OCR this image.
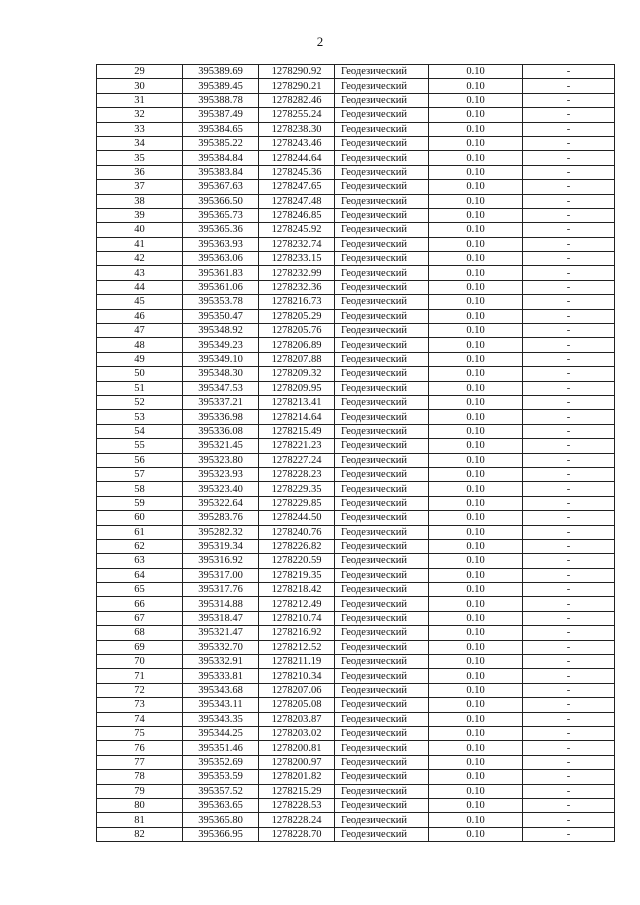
2
29	395389.69	1278290.92	Геодезический	0.10	-
30	395389.45	1278290.21	Геодезический	0.10	-
31	395388.78	1278282.46	Геодезический	0.10	-
32	395387.49	1278255.24	Геодезический	0.10	-
33	395384.65	1278238.30	Геодезический	0.10	-
34	395385.22	1278243.46	Геодезический	0.10	-
35	395384.84	1278244.64	Геодезический	0.10	-
36	395383.84	1278245.36	Геодезический	0.10	-
37	395367.63	1278247.65	Геодезический	0.10	-
38	395366.50	1278247.48	Геодезический	0.10	-
39	395365.73	1278246.85	Геодезический	0.10	-
40	395365.36	1278245.92	Геодезический	0.10	-
41	395363.93	1278232.74	Геодезический	0.10	-
42	395363.06	1278233.15	Геодезический	0.10	-
43	395361.83	1278232.99	Геодезический	0.10	-
44	395361.06	1278232.36	Геодезический	0.10	-
45	395353.78	1278216.73	Геодезический	0.10	-
46	395350.47	1278205.29	Геодезический	0.10	-
47	395348.92	1278205.76	Геодезический	0.10	-
48	395349.23	1278206.89	Геодезический	0.10	-
49	395349.10	1278207.88	Геодезический	0.10	-
50	395348.30	1278209.32	Геодезический	0.10	-
51	395347.53	1278209.95	Геодезический	0.10	-
52	395337.21	1278213.41	Геодезический	0.10	-
53	395336.98	1278214.64	Геодезический	0.10	-
54	395336.08	1278215.49	Геодезический	0.10	-
55	395321.45	1278221.23	Геодезический	0.10	-
56	395323.80	1278227.24	Геодезический	0.10	-
57	395323.93	1278228.23	Геодезический	0.10	-
58	395323.40	1278229.35	Геодезический	0.10	-
59	395322.64	1278229.85	Геодезический	0.10	-
60	395283.76	1278244.50	Геодезический	0.10	-
61	395282.32	1278240.76	Геодезический	0.10	-
62	395319.34	1278226.82	Геодезический	0.10	-
63	395316.92	1278220.59	Геодезический	0.10	-
64	395317.00	1278219.35	Геодезический	0.10	-
65	395317.76	1278218.42	Геодезический	0.10	-
66	395314.88	1278212.49	Геодезический	0.10	-
67	395318.47	1278210.74	Геодезический	0.10	-
68	395321.47	1278216.92	Геодезический	0.10	-
69	395332.70	1278212.52	Геодезический	0.10	-
70	395332.91	1278211.19	Геодезический	0.10	-
71	395333.81	1278210.34	Геодезический	0.10	-
72	395343.68	1278207.06	Геодезический	0.10	-
73	395343.11	1278205.08	Геодезический	0.10	-
74	395343.35	1278203.87	Геодезический	0.10	-
75	395344.25	1278203.02	Геодезический	0.10	-
76	395351.46	1278200.81	Геодезический	0.10	-
77	395352.69	1278200.97	Геодезический	0.10	-
78	395353.59	1278201.82	Геодезический	0.10	-
79	395357.52	1278215.29	Геодезический	0.10	-
80	395363.65	1278228.53	Геодезический	0.10	-
81	395365.80	1278228.24	Геодезический	0.10	-
82	395366.95	1278228.70	Геодезический	0.10	-
